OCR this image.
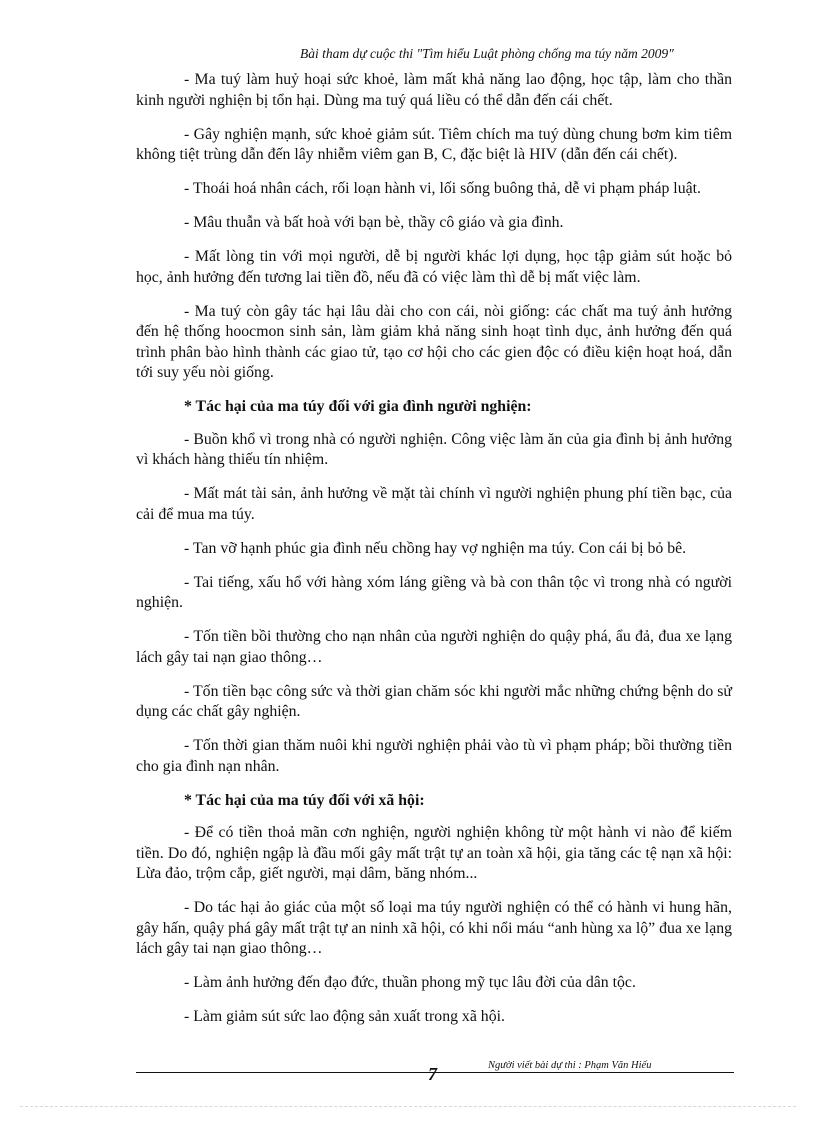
Bài tham dự cuộc thi "Tìm hiểu Luật phòng chống ma túy năm 2009"

- Ma tuý làm huỷ hoại sức khoẻ, làm mất khả năng lao động, học tập, làm cho thần kinh người nghiện bị tổn hại. Dùng ma tuý quá liều có thể dẫn đến cái chết.

- Gây nghiện mạnh, sức khoẻ giảm sút. Tiêm chích ma tuý dùng chung bơm kim tiêm không tiệt trùng dẫn đến lây nhiễm viêm gan B, C, đặc biệt là HIV (dẫn đến cái chết).

- Thoái hoá nhân cách, rối loạn hành vi, lối sống buông thả, dễ vi phạm pháp luật.

- Mâu thuẫn và bất hoà với bạn bè, thầy cô giáo và gia đình.

- Mất lòng tin với mọi người, dễ bị người khác lợi dụng, học tập giảm sút hoặc bỏ học, ảnh hưởng đến tương lai tiền đồ, nếu đã có việc làm thì dễ bị mất việc làm.

- Ma tuý còn gây tác hại lâu dài cho con cái, nòi giống: các chất ma tuý ảnh hưởng đến hệ thống hoocmon sinh sản, làm giảm khả năng sinh hoạt tình dục, ảnh hưởng đến quá trình phân bào hình thành các giao tử, tạo cơ hội cho các gien độc có điều kiện hoạt hoá, dẫn tới suy yếu nòi giống.

* Tác hại của ma túy đối với gia đình người nghiện:

- Buồn khổ vì trong nhà có người nghiện. Công việc làm ăn của gia đình bị ảnh hưởng vì khách hàng thiếu tín nhiệm.

- Mất mát tài sản, ảnh hưởng về mặt tài chính vì người nghiện phung phí tiền bạc, của cải để mua ma túy.

- Tan vỡ hạnh phúc gia đình nếu chồng hay vợ nghiện ma túy. Con cái bị bỏ bê.

- Tai tiếng, xấu hổ với hàng xóm láng giềng và bà con thân tộc vì trong nhà có người nghiện.

- Tốn tiền bồi thường cho nạn nhân của người nghiện do quậy phá, ẩu đả, đua xe lạng lách gây tai nạn giao thông…

- Tốn tiền bạc công sức và thời gian chăm sóc khi người mắc những chứng bệnh do sử dụng các chất gây nghiện.

- Tốn thời gian thăm nuôi khi người nghiện phải vào tù vì phạm pháp; bồi thường tiền cho gia đình nạn nhân.

* Tác hại của ma túy đối với xã hội:

- Để có tiền thoả mãn cơn nghiện, người nghiện không từ một hành vi nào để kiếm tiền. Do đó, nghiện ngập là đầu mối gây mất trật tự an toàn xã hội, gia tăng các tệ nạn xã hội: Lừa đảo, trộm cắp, giết người, mại dâm, băng nhóm...

- Do tác hại ảo giác của một số loại ma túy người nghiện có thể có hành vi hung hãn, gây hấn, quậy phá gây mất trật tự an ninh xã hội, có khi nổi máu “anh hùng xa lộ” đua xe lạng lách gây tai nạn giao thông…

- Làm ảnh hưởng đến đạo đức, thuần phong mỹ tục lâu đời của dân tộc.

- Làm giảm sút sức lao động sản xuất trong xã hội.

7	Người viết bài dự thi : Phạm Văn Hiếu
